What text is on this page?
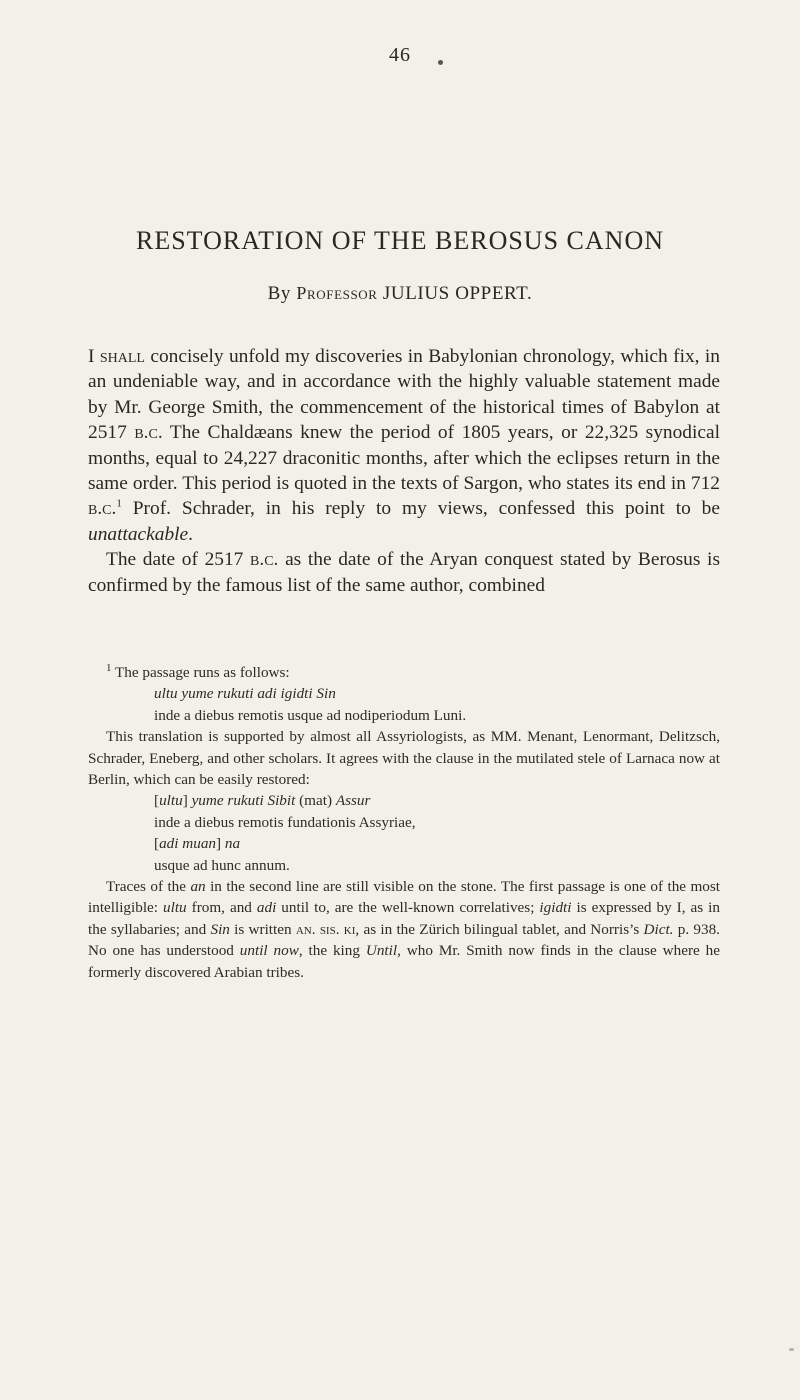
46
RESTORATION OF THE BEROSUS CANON
By Professor JULIUS OPPERT.

I shall concisely unfold my discoveries in Babylonian chronology, which fix, in an undeniable way, and in accordance with the highly valuable statement made by Mr. George Smith, the commencement of the historical times of Babylon at 2517 b.c. The Chaldæans knew the period of 1805 years, or 22,325 synodical months, equal to 24,227 draconitic months, after which the eclipses return in the same order. This period is quoted in the texts of Sargon, who states its end in 712 b.c.$^1$ Prof. Schrader, in his reply to my views, confessed this point to be unattackable.

The date of 2517 b.c. as the date of the Aryan conquest stated by Berosus is confirmed by the famous list of the same author, combined

$^1$ The passage runs as follows:

ultu yume rukuti adi igidti Sin
inde a diebus remotis usque ad nodiperiodum Luni.

This translation is supported by almost all Assyriologists, as MM. Menant, Lenormant, Delitzsch, Schrader, Eneberg, and other scholars. It agrees with the clause in the mutilated stele of Larnaca now at Berlin, which can be easily restored:

[ultu] yume rukuti Sibit (mat) Assur
inde a diebus remotis fundationis Assyriae,
[adi muan] na
usque ad hunc annum.

Traces of the an in the second line are still visible on the stone. The first passage is one of the most intelligible: ultu from, and adi until to, are the well-known correlatives; igidti is expressed by I, as in the syllabaries; and Sin is written an. sis. ki, as in the Zürich bilingual tablet, and Norris’s Dict. p. 938. No one has understood until now, the king Until, who Mr. Smith now finds in the clause where he formerly discovered Arabian tribes.
